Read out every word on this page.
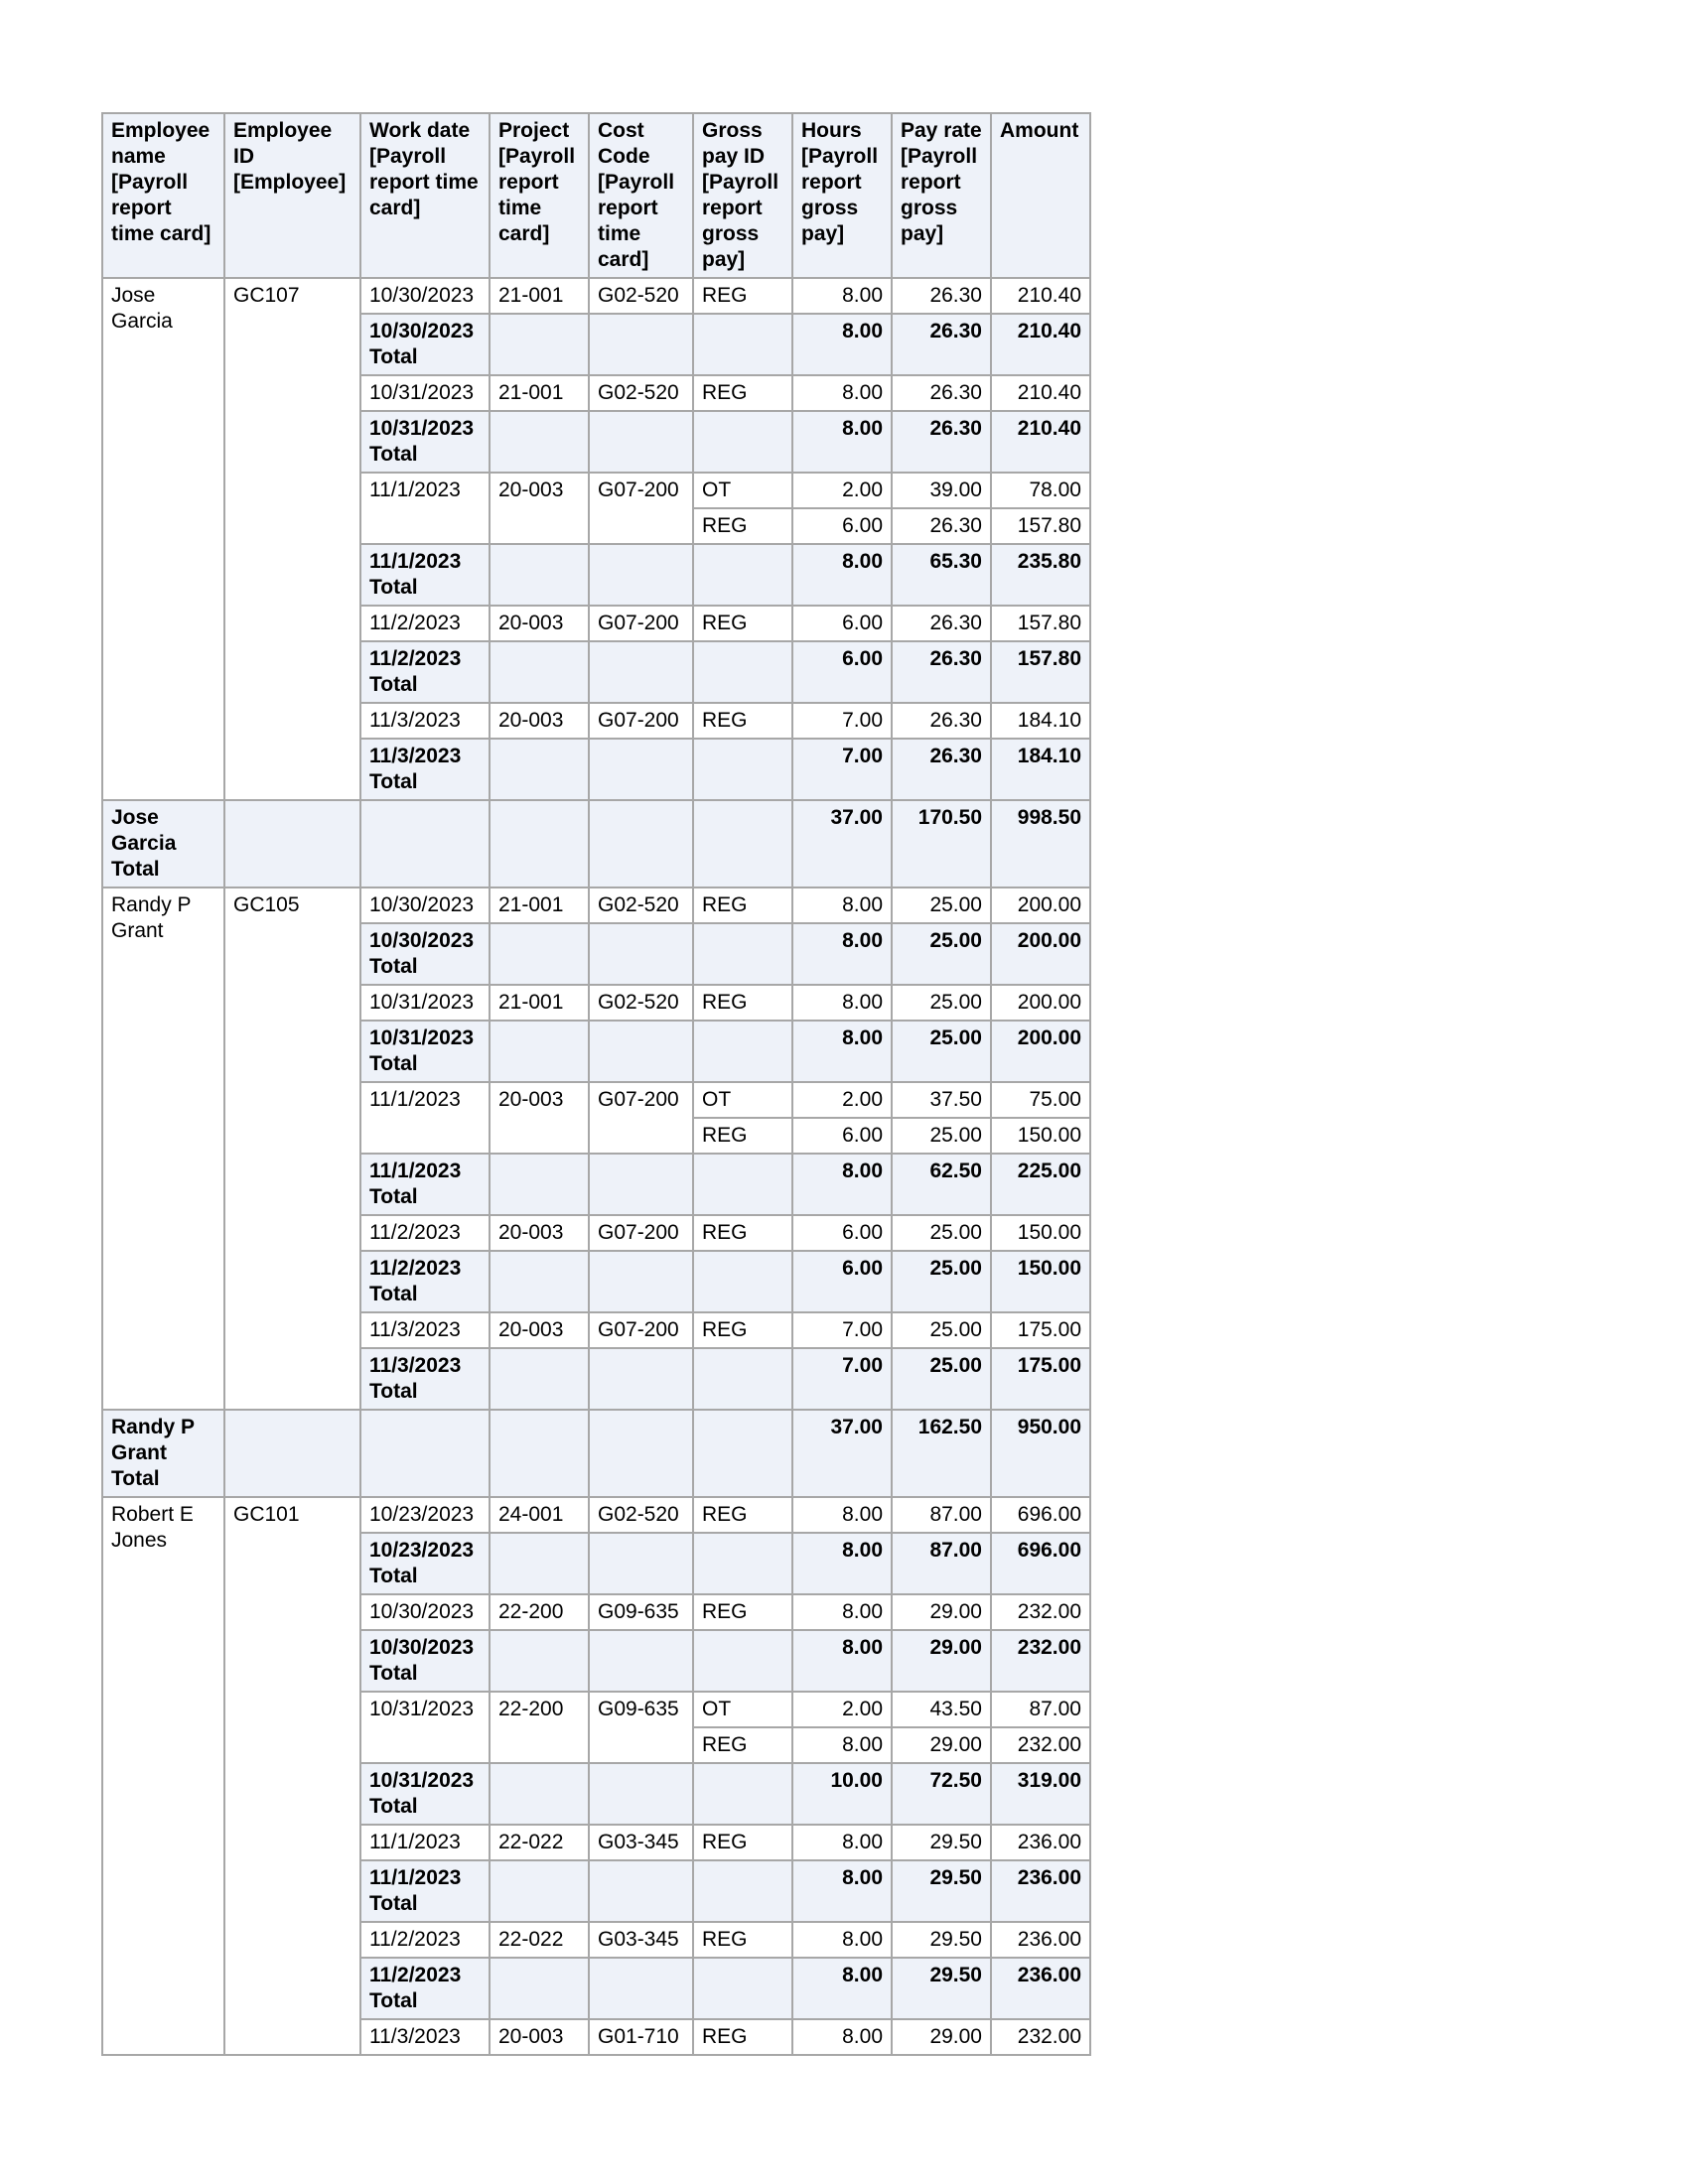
Employee name [Payroll report time card]	Employee ID [Employee]	Work date [Payroll report time card]	Project [Payroll report time card]	Cost Code [Payroll report time card]	Gross pay ID [Payroll report gross pay]	Hours [Payroll report gross pay]	Pay rate [Payroll report gross pay]	Amount
Jose Garcia	GC107	10/30/2023	21-001	G02-520	REG	8.00	26.30	210.40
		10/30/2023 Total				8.00	26.30	210.40
		10/31/2023	21-001	G02-520	REG	8.00	26.30	210.40
		10/31/2023 Total				8.00	26.30	210.40
		11/1/2023	20-003	G07-200	OT	2.00	39.00	78.00
					REG	6.00	26.30	157.80
		11/1/2023 Total				8.00	65.30	235.80
		11/2/2023	20-003	G07-200	REG	6.00	26.30	157.80
		11/2/2023 Total				6.00	26.30	157.80
		11/3/2023	20-003	G07-200	REG	7.00	26.30	184.10
		11/3/2023 Total				7.00	26.30	184.10
Jose Garcia Total						37.00	170.50	998.50
Randy P Grant	GC105	10/30/2023	21-001	G02-520	REG	8.00	25.00	200.00
		10/30/2023 Total				8.00	25.00	200.00
		10/31/2023	21-001	G02-520	REG	8.00	25.00	200.00
		10/31/2023 Total				8.00	25.00	200.00
		11/1/2023	20-003	G07-200	OT	2.00	37.50	75.00
					REG	6.00	25.00	150.00
		11/1/2023 Total				8.00	62.50	225.00
		11/2/2023	20-003	G07-200	REG	6.00	25.00	150.00
		11/2/2023 Total				6.00	25.00	150.00
		11/3/2023	20-003	G07-200	REG	7.00	25.00	175.00
		11/3/2023 Total				7.00	25.00	175.00
Randy P Grant Total						37.00	162.50	950.00
Robert E Jones	GC101	10/23/2023	24-001	G02-520	REG	8.00	87.00	696.00
		10/23/2023 Total				8.00	87.00	696.00
		10/30/2023	22-200	G09-635	REG	8.00	29.00	232.00
		10/30/2023 Total				8.00	29.00	232.00
		10/31/2023	22-200	G09-635	OT	2.00	43.50	87.00
					REG	8.00	29.00	232.00
		10/31/2023 Total				10.00	72.50	319.00
		11/1/2023	22-022	G03-345	REG	8.00	29.50	236.00
		11/1/2023 Total				8.00	29.50	236.00
		11/2/2023	22-022	G03-345	REG	8.00	29.50	236.00
		11/2/2023 Total				8.00	29.50	236.00
		11/3/2023	20-003	G01-710	REG	8.00	29.00	232.00
